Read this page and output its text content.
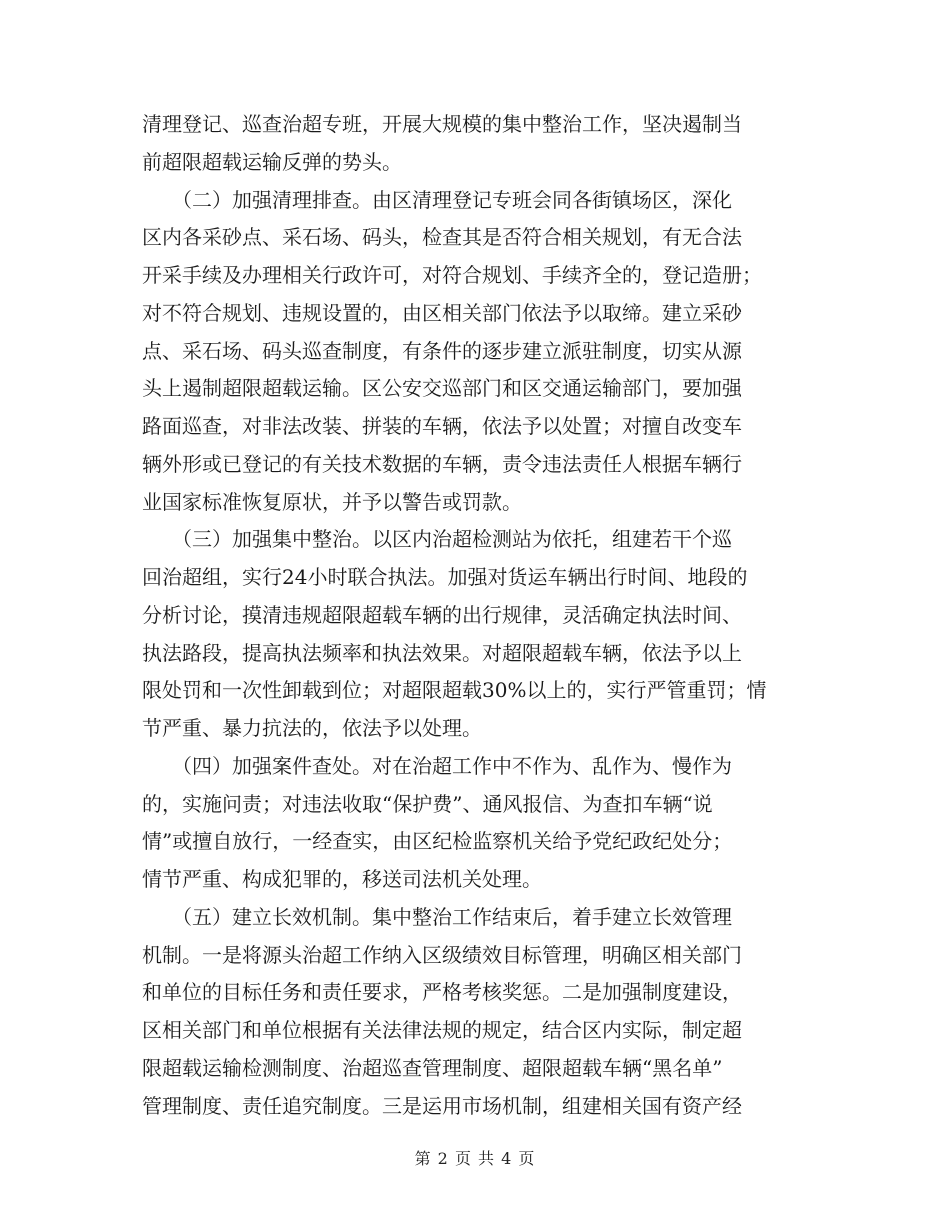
清理登记、巡查治超专班，开展大规模的集中整治工作，坚决遏制当
前超限超载运输反弹的势头。
　　（二）加强清理排查。由区清理登记专班会同各街镇场区，深化
区内各采砂点、采石场、码头，检查其是否符合相关规划，有无合法
开采手续及办理相关行政许可，对符合规划、手续齐全的，登记造册；
对不符合规划、违规设置的，由区相关部门依法予以取缔。建立采砂
点、采石场、码头巡查制度，有条件的逐步建立派驻制度，切实从源
头上遏制超限超载运输。区公安交巡部门和区交通运输部门，要加强
路面巡查，对非法改装、拼装的车辆，依法予以处置；对擅自改变车
辆外形或已登记的有关技术数据的车辆，责令违法责任人根据车辆行
业国家标准恢复原状，并予以警告或罚款。
　　（三）加强集中整治。以区内治超检测站为依托，组建若干个巡
回治超组，实行24小时联合执法。加强对货运车辆出行时间、地段的
分析讨论，摸清违规超限超载车辆的出行规律，灵活确定执法时间、
执法路段，提高执法频率和执法效果。对超限超载车辆，依法予以上
限处罚和一次性卸载到位；对超限超载30%以上的，实行严管重罚；情
节严重、暴力抗法的，依法予以处理。
　　（四）加强案件查处。对在治超工作中不作为、乱作为、慢作为
的，实施问责；对违法收取“保护费”、通风报信、为查扣车辆“说
情”或擅自放行，一经查实，由区纪检监察机关给予党纪政纪处分；
情节严重、构成犯罪的，移送司法机关处理。
　　（五）建立长效机制。集中整治工作结束后，着手建立长效管理
机制。一是将源头治超工作纳入区级绩效目标管理，明确区相关部门
和单位的目标任务和责任要求，严格考核奖惩。二是加强制度建设，
区相关部门和单位根据有关法律法规的规定，结合区内实际，制定超
限超载运输检测制度、治超巡查管理制度、超限超载车辆“黑名单”
管理制度、责任追究制度。三是运用市场机制，组建相关国有资产经
第 2 页 共 4 页
